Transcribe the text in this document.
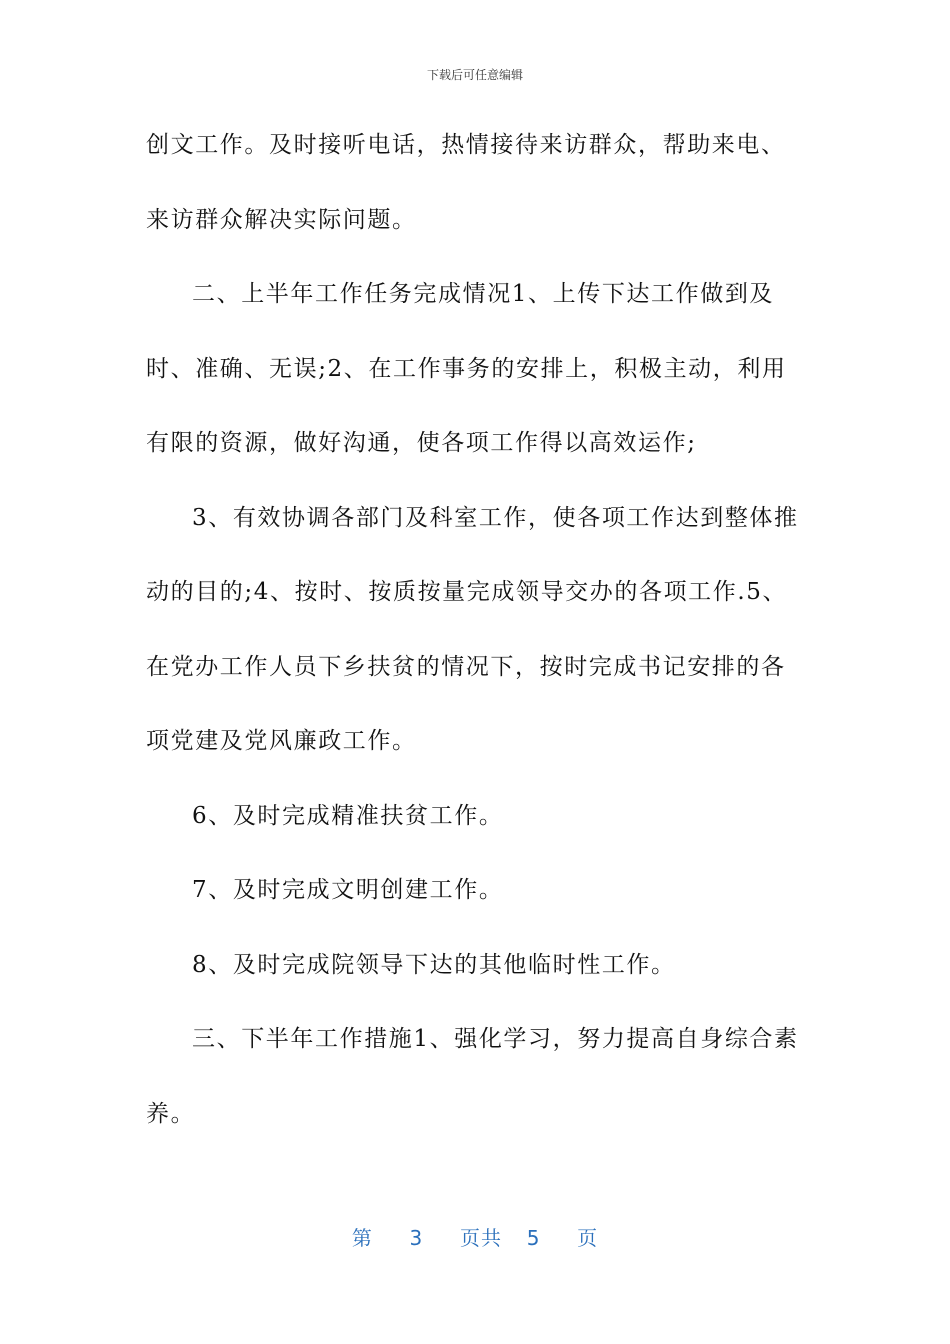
下载后可任意编辑

创文工作。及时接听电话，热情接待来访群众，帮助来电、来访群众解决实际问题。

二、上半年工作任务完成情况1、上传下达工作做到及时、准确、无误;2、在工作事务的安排上，积极主动，利用有限的资源，做好沟通，使各项工作得以高效运作;

3、有效协调各部门及科室工作，使各项工作达到整体推动的目的;4、按时、按质按量完成领导交办的各项工作.5、在党办工作人员下乡扶贫的情况下，按时完成书记安排的各项党建及党风廉政工作。

6、及时完成精准扶贫工作。

7、及时完成文明创建工作。

8、及时完成院领导下达的其他临时性工作。

三、下半年工作措施1、强化学习，努力提高自身综合素养。

第 3 页共 5 页
